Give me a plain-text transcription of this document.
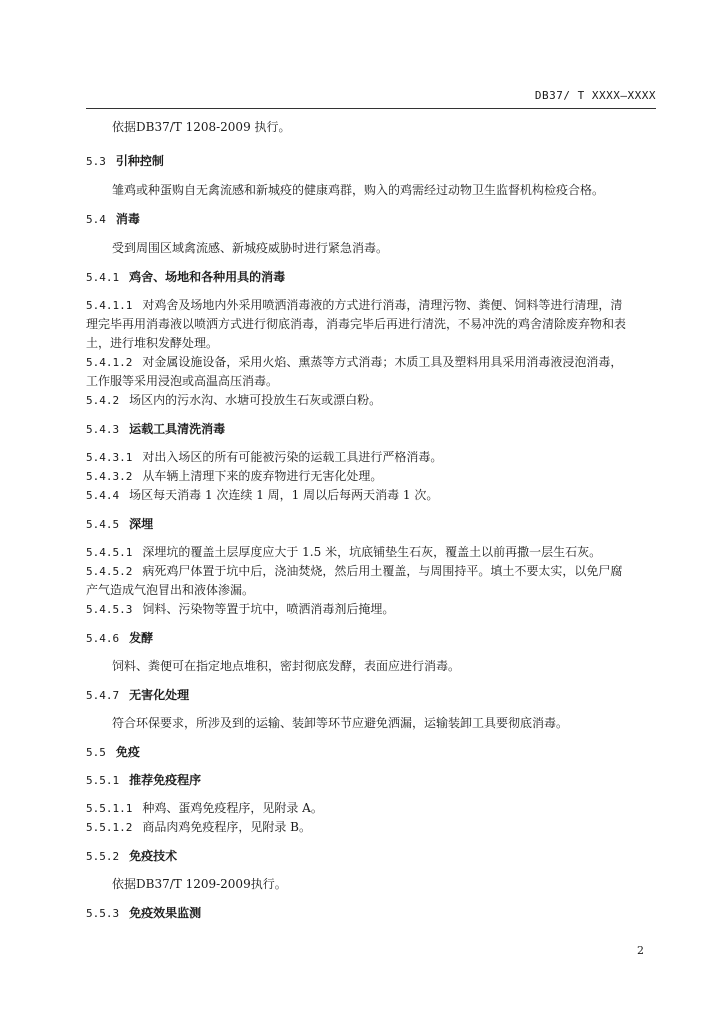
DB37/ T XXXX—XXXX
依据DB37/T 1208-2009 执行。
5.3 引种控制
雏鸡或种蛋购自无禽流感和新城疫的健康鸡群，购入的鸡需经过动物卫生监督机构检疫合格。
5.4 消毒
受到周围区域禽流感、新城疫威胁时进行紧急消毒。
5.4.1 鸡舍、场地和各种用具的消毒
5.4.1.1 对鸡舍及场地内外采用喷洒消毒液的方式进行消毒，清理污物、粪便、饲料等进行清理，清
理完毕再用消毒液以喷洒方式进行彻底消毒，消毒完毕后再进行清洗，不易冲洗的鸡舍清除废弃物和表
土，进行堆积发酵处理。
5.4.1.2 对金属设施设备，采用火焰、熏蒸等方式消毒；木质工具及塑料用具采用消毒液浸泡消毒，
工作服等采用浸泡或高温高压消毒。
5.4.2 场区内的污水沟、水塘可投放生石灰或漂白粉。
5.4.3 运载工具清洗消毒
5.4.3.1 对出入场区的所有可能被污染的运载工具进行严格消毒。
5.4.3.2 从车辆上清理下来的废弃物进行无害化处理。
5.4.4 场区每天消毒 1 次连续 1 周，1 周以后每两天消毒 1 次。
5.4.5 深埋
5.4.5.1 深埋坑的覆盖土层厚度应大于 1.5 米，坑底铺垫生石灰，覆盖土以前再撒一层生石灰。
5.4.5.2 病死鸡尸体置于坑中后，浇油焚烧，然后用土覆盖，与周围持平。填土不要太实，以免尸腐
产气造成气泡冒出和液体渗漏。
5.4.5.3 饲料、污染物等置于坑中，喷洒消毒剂后掩埋。
5.4.6 发酵
饲料、粪便可在指定地点堆积，密封彻底发酵，表面应进行消毒。
5.4.7 无害化处理
符合环保要求，所涉及到的运输、装卸等环节应避免洒漏，运输装卸工具要彻底消毒。
5.5 免疫
5.5.1 推荐免疫程序
5.5.1.1 种鸡、蛋鸡免疫程序，见附录 A。
5.5.1.2 商品肉鸡免疫程序，见附录 B。
5.5.2 免疫技术
依据DB37/T 1209-2009执行。
5.5.3 免疫效果监测
2
